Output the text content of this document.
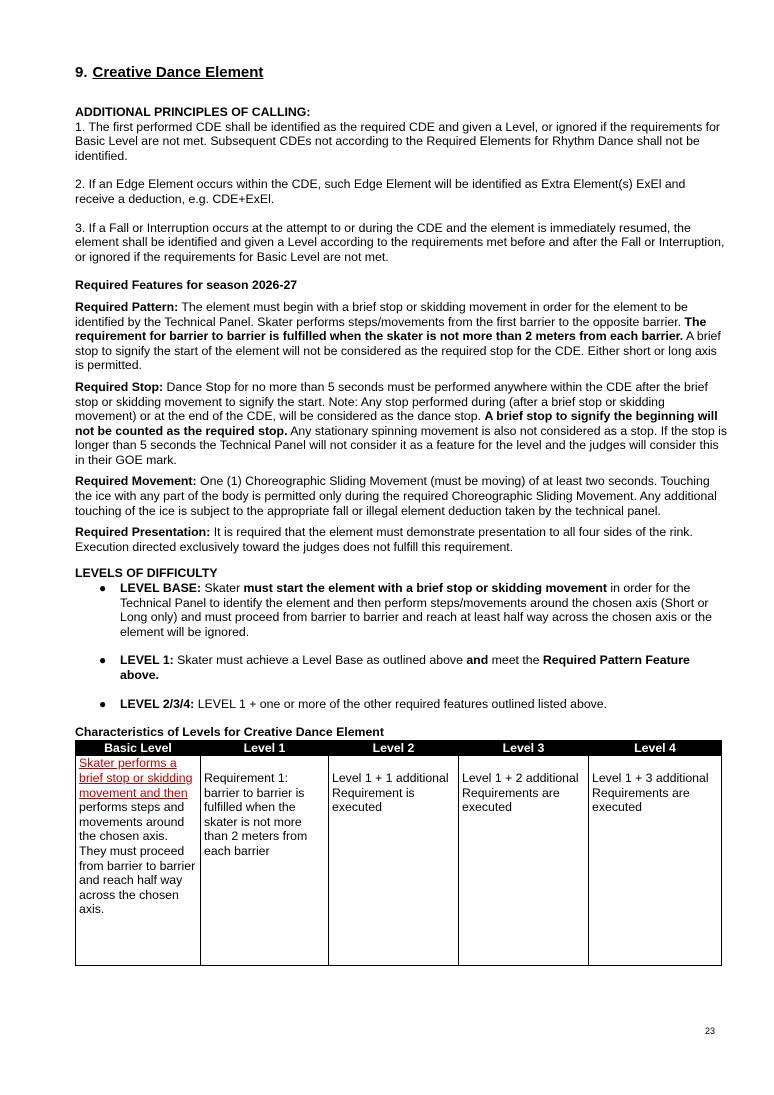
9. Creative Dance Element

ADDITIONAL PRINCIPLES OF CALLING:

1. The first performed CDE shall be identified as the required CDE and given a Level, or ignored if the requirements for Basic Level are not met. Subsequent CDEs not according to the Required Elements for Rhythm Dance shall not be identified.

2. If an Edge Element occurs within the CDE, such Edge Element will be identified as Extra Element(s) ExEl and receive a deduction, e.g. CDE+ExEl.

3. If a Fall or Interruption occurs at the attempt to or during the CDE and the element is immediately resumed, the element shall be identified and given a Level according to the requirements met before and after the Fall or Interruption, or ignored if the requirements for Basic Level are not met.

Required Features for season 2026-27

Required Pattern: The element must begin with a brief stop or skidding movement in order for the element to be identified by the Technical Panel. Skater performs steps/movements from the first barrier to the opposite barrier. The requirement for barrier to barrier is fulfilled when the skater is not more than 2 meters from each barrier. A brief stop to signify the start of the element will not be considered as the required stop for the CDE. Either short or long axis is permitted.

Required Stop: Dance Stop for no more than 5 seconds must be performed anywhere within the CDE after the brief stop or skidding movement to signify the start. Note: Any stop performed during (after a brief stop or skidding movement) or at the end of the CDE, will be considered as the dance stop. A brief stop to signify the beginning will not be counted as the required stop. Any stationary spinning movement is also not considered as a stop. If the stop is longer than 5 seconds the Technical Panel will not consider it as a feature for the level and the judges will consider this in their GOE mark.

Required Movement: One (1) Choreographic Sliding Movement (must be moving) of at least two seconds. Touching the ice with any part of the body is permitted only during the required Choreographic Sliding Movement. Any additional touching of the ice is subject to the appropriate fall or illegal element deduction taken by the technical panel.

Required Presentation: It is required that the element must demonstrate presentation to all four sides of the rink. Execution directed exclusively toward the judges does not fulfill this requirement.

LEVELS OF DIFFICULTY

● LEVEL BASE: Skater must start the element with a brief stop or skidding movement in order for the Technical Panel to identify the element and then perform steps/movements around the chosen axis (Short or Long only) and must proceed from barrier to barrier and reach at least half way across the chosen axis or the element will be ignored.
● LEVEL 1: Skater must achieve a Level Base as outlined above and meet the Required Pattern Feature above.
● LEVEL 2/3/4: LEVEL 1 + one or more of the other required features outlined listed above.

Characteristics of Levels for Creative Dance Element

Basic Level	Level 1	Level 2	Level 3	Level 4
Skater performs a brief stop or skidding movement and then performs steps and movements around the chosen axis. They must proceed from barrier to barrier and reach half way across the chosen axis.	Requirement 1: barrier to barrier is fulfilled when the skater is not more than 2 meters from each barrier	Level 1 + 1 additional Requirement is executed	Level 1 + 2 additional Requirements are executed	Level 1 + 3 additional Requirements are executed
23
